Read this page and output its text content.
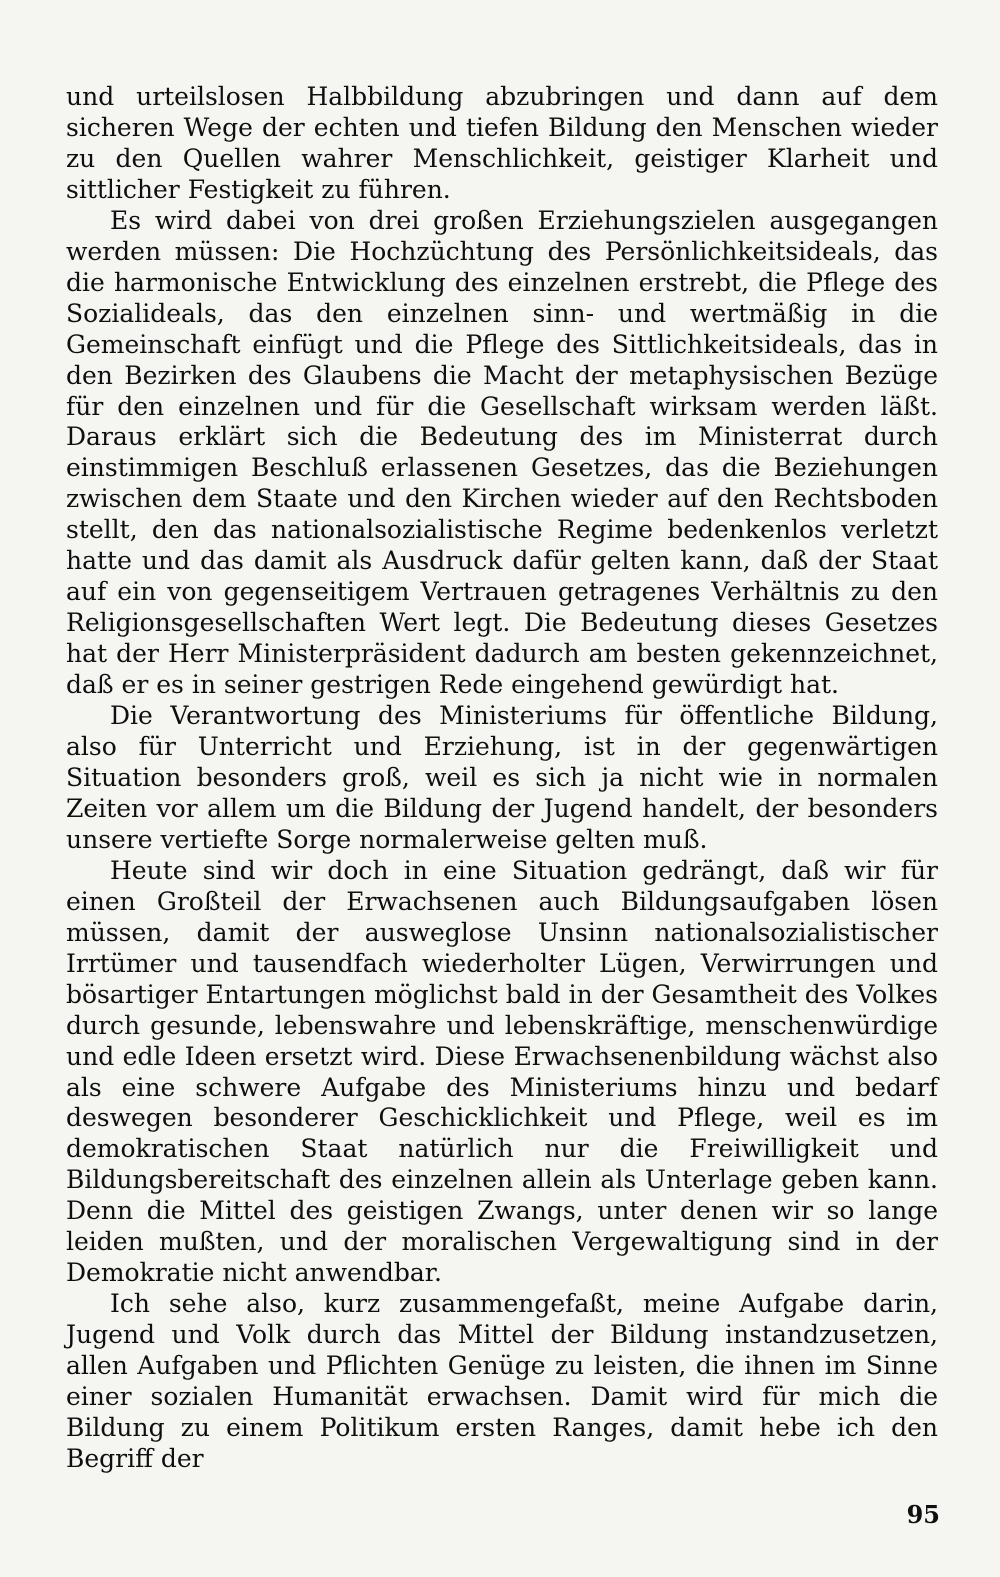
und urteilslosen Halbbildung abzubringen und dann auf dem sicheren Wege der echten und tiefen Bildung den Menschen wieder zu den Quellen wahrer Menschlichkeit, geistiger Klarheit und sittlicher Festigkeit zu führen.

Es wird dabei von drei großen Erziehungszielen ausgegangen werden müssen: Die Hochzüchtung des Persönlichkeitsideals, das die harmonische Entwicklung des einzelnen erstrebt, die Pflege des Sozialideals, das den einzelnen sinn- und wertmäßig in die Gemeinschaft einfügt und die Pflege des Sittlichkeitsideals, das in den Bezirken des Glaubens die Macht der metaphysischen Bezüge für den einzelnen und für die Gesellschaft wirksam werden läßt. Daraus erklärt sich die Bedeutung des im Ministerrat durch einstimmigen Beschluß erlassenen Gesetzes, das die Beziehungen zwischen dem Staate und den Kirchen wieder auf den Rechtsboden stellt, den das nationalsozialistische Regime bedenkenlos verletzt hatte und das damit als Ausdruck dafür gelten kann, daß der Staat auf ein von gegenseitigem Vertrauen getragenes Verhältnis zu den Religionsgesellschaften Wert legt. Die Bedeutung dieses Gesetzes hat der Herr Ministerpräsident dadurch am besten gekennzeichnet, daß er es in seiner gestrigen Rede eingehend gewürdigt hat.

Die Verantwortung des Ministeriums für öffentliche Bildung, also für Unterricht und Erziehung, ist in der gegenwärtigen Situation besonders groß, weil es sich ja nicht wie in normalen Zeiten vor allem um die Bildung der Jugend handelt, der besonders unsere vertiefte Sorge normalerweise gelten muß.

Heute sind wir doch in eine Situation gedrängt, daß wir für einen Großteil der Erwachsenen auch Bildungsaufgaben lösen müssen, damit der ausweglose Unsinn nationalsozialistischer Irrtümer und tausendfach wiederholter Lügen, Verwirrungen und bösartiger Entartungen möglichst bald in der Gesamtheit des Volkes durch gesunde, lebenswahre und lebenskräftige, menschenwürdige und edle Ideen ersetzt wird. Diese Erwachsenenbildung wächst also als eine schwere Aufgabe des Ministeriums hinzu und bedarf deswegen besonderer Geschicklichkeit und Pflege, weil es im demokratischen Staat natürlich nur die Freiwilligkeit und Bildungsbereitschaft des einzelnen allein als Unterlage geben kann. Denn die Mittel des geistigen Zwangs, unter denen wir so lange leiden mußten, und der moralischen Vergewaltigung sind in der Demokratie nicht anwendbar.

Ich sehe also, kurz zusammengefaßt, meine Aufgabe darin, Jugend und Volk durch das Mittel der Bildung instandzusetzen, allen Aufgaben und Pflichten Genüge zu leisten, die ihnen im Sinne einer sozialen Humanität erwachsen. Damit wird für mich die Bildung zu einem Politikum ersten Ranges, damit hebe ich den Begriff der

95
